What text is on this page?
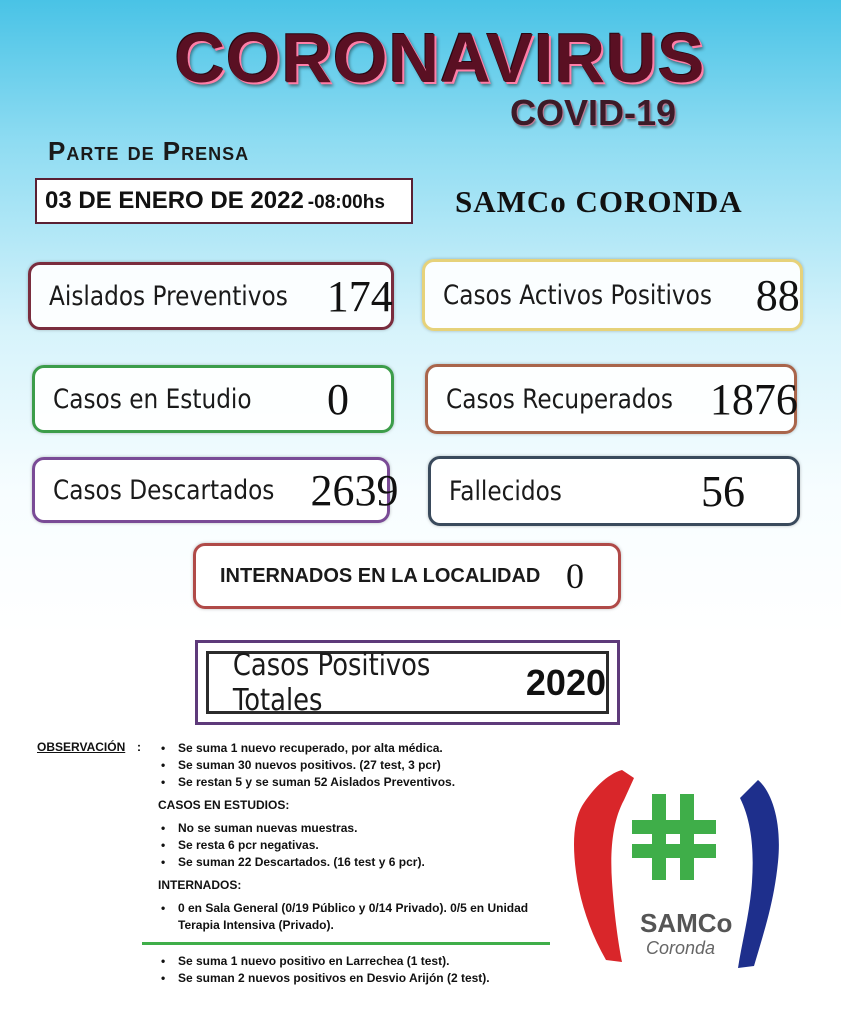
CORONAVIRUS
COVID-19
Parte de Prensa
03 DE ENERO DE 2022 -08:00hs SAMCo CORONDA
Aislados Preventivos 174 Casos Activos Positivos 88
Casos en Estudio 0	Casos Recuperados 1876
Casos Descartados 2639 Fallecidos	56
INTERNADOS EN LA LOCALIDAD 0
Casos Positivos Totales	2020
OBSERVACIÓN :
•	Se suma 1 nuevo recuperado, por alta médica.
• Se suman 30 nuevos positivos. (27 test, 3 pcr)
• Se restan 5 y se suman 52 Aislados Preventivos.
CASOS EN ESTUDIOS:
• No se suman nuevas muestras.
• Se resta 6 pcr negativas.
• Se suman 22 Descartados. (16 test y 6 pcr).
INTERNADOS:
• 0 en Sala General (0/19 Público y 0/14 Privado). 0/5 en Unidad Terapia Intensiva (Privado).
• Se suma 1 nuevo positivo en Larrechea (1 test).
• Se suman 2 nuevos positivos en Desvio Arijón (2 test).
SAMCo
Coronda
